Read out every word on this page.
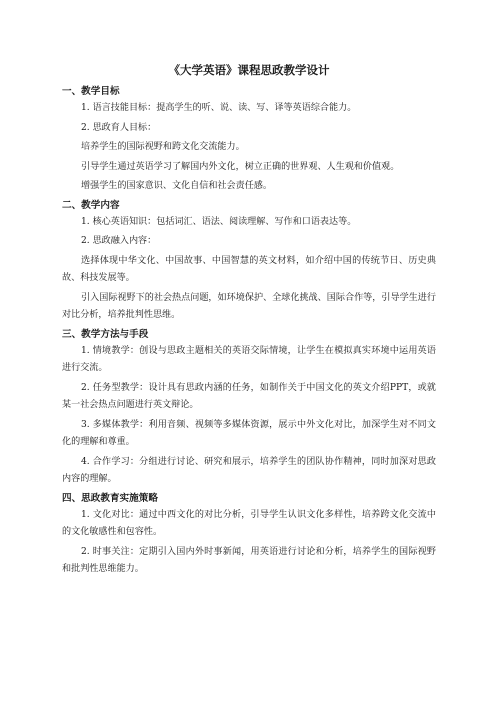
《大学英语》课程思政教学设计
一、教学目标

1. 语言技能目标：提高学生的听、说、读、写、译等英语综合能力。

2. 思政育人目标：

培养学生的国际视野和跨文化交流能力。

引导学生通过英语学习了解国内外文化，树立正确的世界观、人生观和价值观。

增强学生的国家意识、文化自信和社会责任感。

二、教学内容

1. 核心英语知识：包括词汇、语法、阅读理解、写作和口语表达等。

2. 思政融入内容：

选择体现中华文化、中国故事、中国智慧的英文材料，如介绍中国的传统节日、历史典故、科技发展等。

引入国际视野下的社会热点问题，如环境保护、全球化挑战、国际合作等，引导学生进行对比分析，培养批判性思维。

三、教学方法与手段

1. 情境教学：创设与思政主题相关的英语交际情境，让学生在模拟真实环境中运用英语进行交流。

2. 任务型教学：设计具有思政内涵的任务，如制作关于中国文化的英文介绍PPT，或就某一社会热点问题进行英文辩论。

3. 多媒体教学：利用音频、视频等多媒体资源，展示中外文化对比，加深学生对不同文化的理解和尊重。

4. 合作学习：分组进行讨论、研究和展示，培养学生的团队协作精神，同时加深对思政内容的理解。

四、思政教育实施策略

1. 文化对比：通过中西文化的对比分析，引导学生认识文化多样性，培养跨文化交流中的文化敏感性和包容性。

2. 时事关注：定期引入国内外时事新闻，用英语进行讨论和分析，培养学生的国际视野和批判性思维能力。
